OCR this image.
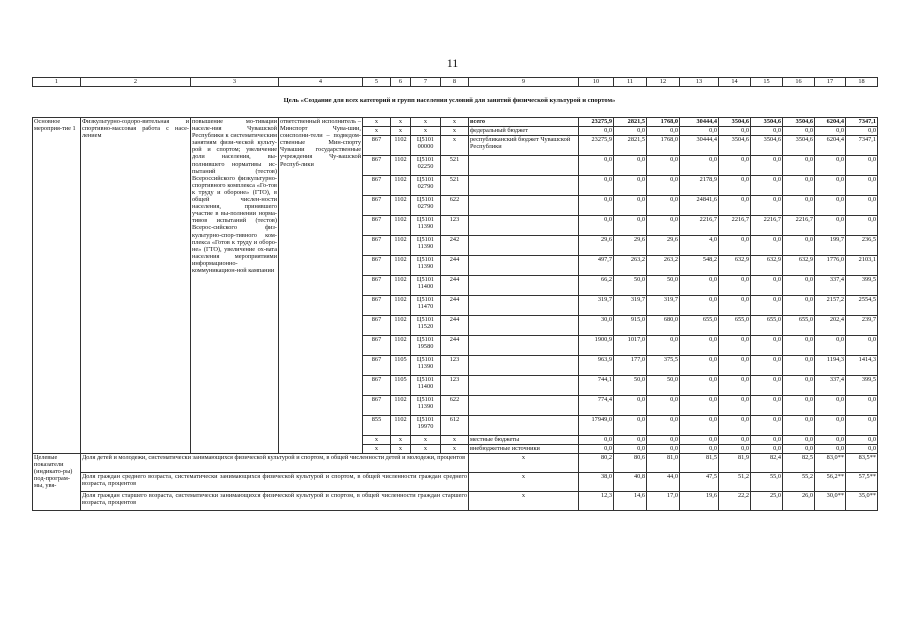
11
1	2	3	4	5	6	7	8	9	10	11	12	13	14	15	16	17	18
Цель «Создание для всех категорий и групп населения условий для занятий физической культурой и спортом»
Основное мероприя-тие 1	Физкультурно-оздоро-вительная и спортивно-массовая работа с насе-лением	повышение мо-тивации населе-ния Чувашской Республики к систематическим занятиям физи-ческой культу-рой и спортом; увеличение доли населения, вы-полнившего нормативы ис-пытаний (тестов) Всероссийского физкультурно-спортивного комплекса «Го-тов к труду и обороне» (ГТО), в общей числен-ности населения, принявшего участие в вы-полнении норма-тивов испытаний (тестов) Всерос-сийского физ-культурно-спор-тивного ком-плекса «Готов к труду и оборо-не» (ГТО), увеличение ох-вата населения мероприятиями информационно-коммуникацион-ной кампании	ответственный исполнитель – Минспорт Чува-шии, соисполни-тели – подведом-ственные Мин-спорту Чувашии государственные учреждения Чу-вашской Респуб-лики	х	х	х	х	всего	23275,9	2821,5	1768,0	30444,4	3504,6	3504,6	3504,6	6204,4	7347,1
				х	х	х	х	федеральный бюджет	0,0	0,0	0,0	0,0	0,0	0,0	0,0	0,0	0,0
				867	1102	Ц5101 00000	х	республиканский бюджет Чувашской Республики	23275,9	2821,5	1768,0	30444,4	3504,6	3504,6	3504,6	6204,4	7347,1
				867	1102	Ц5101 02250	521		0,0	0,0	0,0	0,0	0,0	0,0	0,0	0,0	0,0
				867	1102	Ц5101 02790	521		0,0	0,0	0,0	2178,9	0,0	0,0	0,0	0,0	0,0
				867	1102	Ц5101 02790	622		0,0	0,0	0,0	24841,6	0,0	0,0	0,0	0,0	0,0
				867	1102	Ц5101 11390	123		0,0	0,0	0,0	2216,7	2216,7	2216,7	2216,7	0,0	0,0
				867	1102	Ц5101 11390	242		29,6	29,6	29,6	4,0	0,0	0,0	0,0	199,7	236,5
				867	1102	Ц5101 11390	244		497,7	263,2	263,2	548,2	632,9	632,9	632,9	1776,0	2103,1
				867	1102	Ц5101 11400	244		66,2	50,0	50,0	0,0	0,0	0,0	0,0	337,4	399,5
				867	1102	Ц5101 11470	244		319,7	319,7	319,7	0,0	0,0	0,0	0,0	2157,2	2554,5
				867	1102	Ц5101 11520	244		30,0	915,0	680,0	655,0	655,0	655,0	655,0	202,4	239,7
				867	1102	Ц5101 19580	244		1900,9	1017,0	0,0	0,0	0,0	0,0	0,0	0,0	0,0
				867	1105	Ц5101 11390	123		963,9	177,0	375,5	0,0	0,0	0,0	0,0	1194,3	1414,3
				867	1105	Ц5101 11400	123		744,1	50,0	50,0	0,0	0,0	0,0	0,0	337,4	399,5
				867	1102	Ц5101 11390	622		774,4	0,0	0,0	0,0	0,0	0,0	0,0	0,0	0,0
				855	1102	Ц5101 19970	612		17949,0	0,0	0,0	0,0	0,0	0,0	0,0	0,0	0,0
				х	х	х	х	местные бюджеты	0,0	0,0	0,0	0,0	0,0	0,0	0,0	0,0	0,0
				х	х	х	х	внебюджетные источники	0,0	0,0	0,0	0,0	0,0	0,0	0,0	0,0	0,0
Целевые показатели (индикато-ры) под-програм-мы, увя-	Доля детей и молодежи, систематически занимающихся физической культурой и спортом, в общей численности детей и молодежи, процентов							х	80,2	80,6	81,0	81,5	81,9	82,4	82,5	83,0**	83,5**
	Доля граждан среднего возраста, систематически занимающихся физической культурой и спортом, в общей численности граждан среднего возраста, процентов							х	38,0	40,8	44,0	47,5	51,2	55,0	55,2	56,2**	57,5**
	Доля граждан старшего возраста, систематически занимающихся физической культурой и спортом, в общей численности граждан старшего возраста, процентов							х	12,3	14,6	17,0	19,6	22,2	25,0	26,0	30,0**	35,0**
